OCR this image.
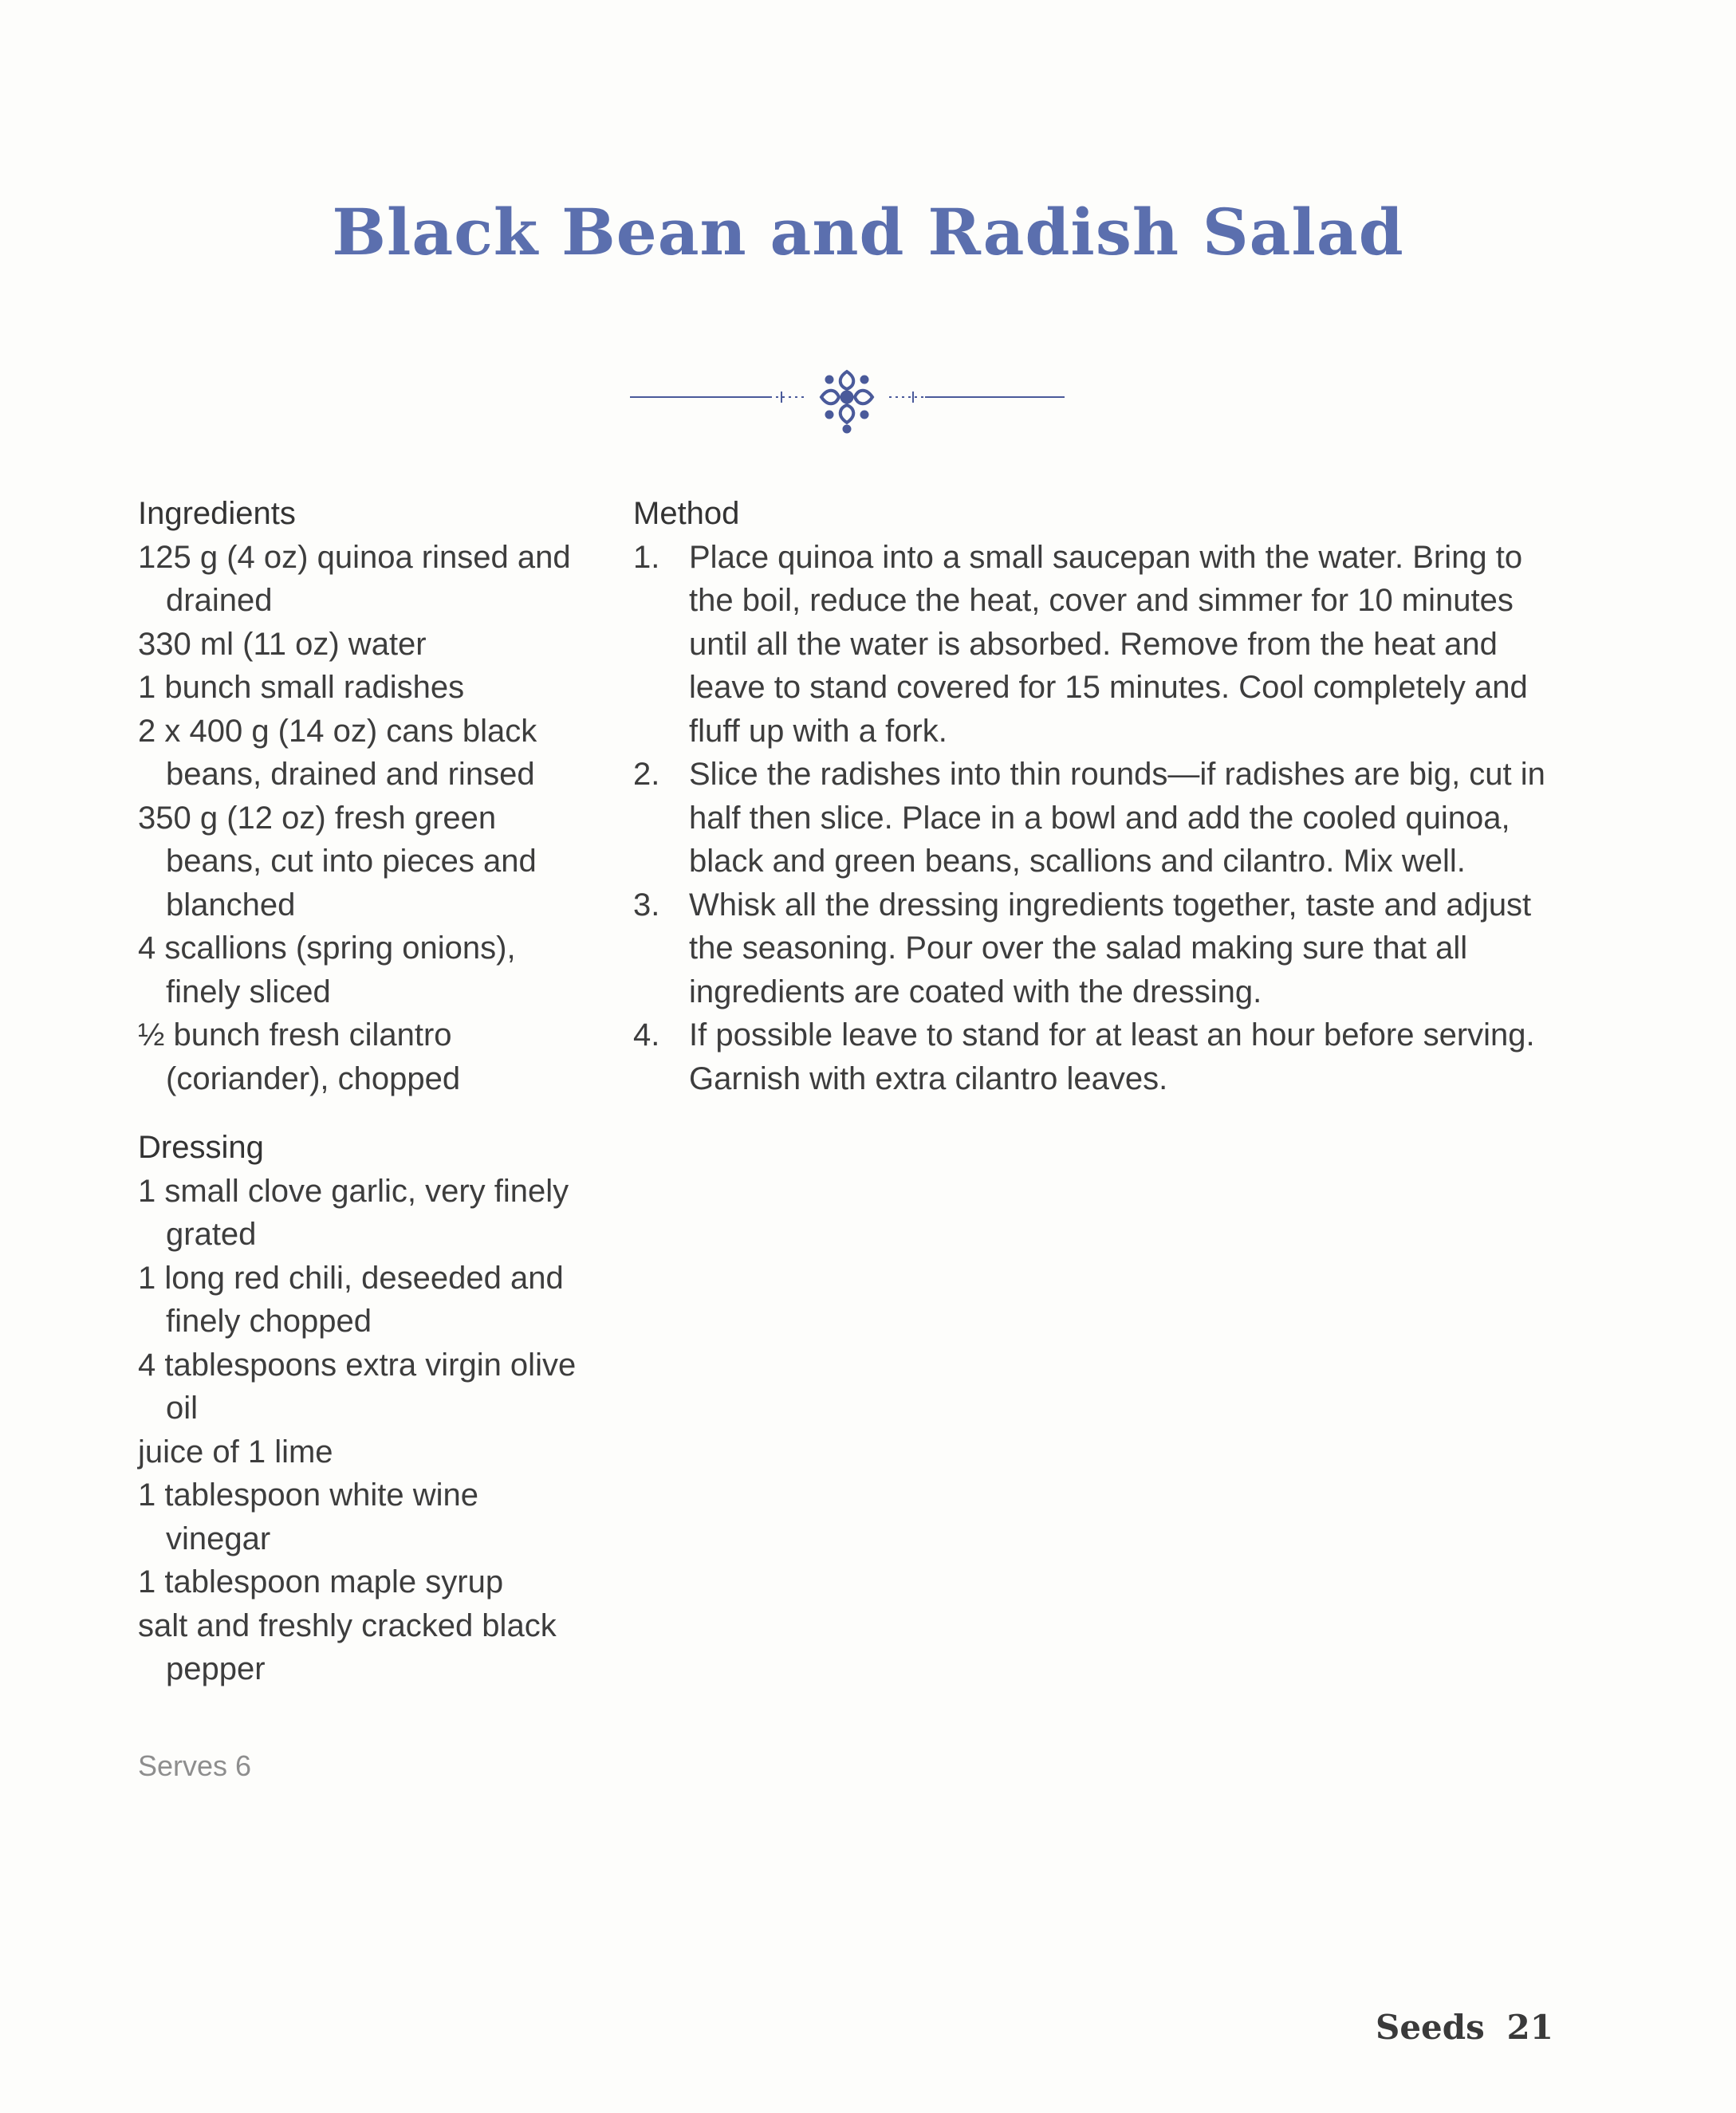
Black Bean and Radish Salad
Ingredients
125 g (4 oz) quinoa rinsed and drained
330 ml (11 oz) water
1 bunch small radishes
2 x 400 g (14 oz) cans black beans, drained and rinsed
350 g (12 oz) fresh green beans, cut into pieces and blanched
4 scallions (spring onions), finely sliced
½ bunch fresh cilantro (coriander), chopped
Dressing
1 small clove garlic, very finely grated
1 long red chili, deseeded and finely chopped
4 tablespoons extra virgin olive oil
juice of 1 lime
1 tablespoon white wine vinegar
1 tablespoon maple syrup
salt and freshly cracked black pepper
Serves 6
Method
1. Place quinoa into a small saucepan with the water. Bring to the boil, reduce the heat, cover and simmer for 10 minutes until all the water is absorbed. Remove from the heat and leave to stand covered for 15 minutes. Cool completely and fluff up with a fork.
2. Slice the radishes into thin rounds—if radishes are big, cut in half then slice. Place in a bowl and add the cooled quinoa, black and green beans, scallions and cilantro. Mix well.
3. Whisk all the dressing ingredients together, taste and adjust the seasoning. Pour over the salad making sure that all ingredients are coated with the dressing.
4. If possible leave to stand for at least an hour before serving. Garnish with extra cilantro leaves.
Seeds 21
